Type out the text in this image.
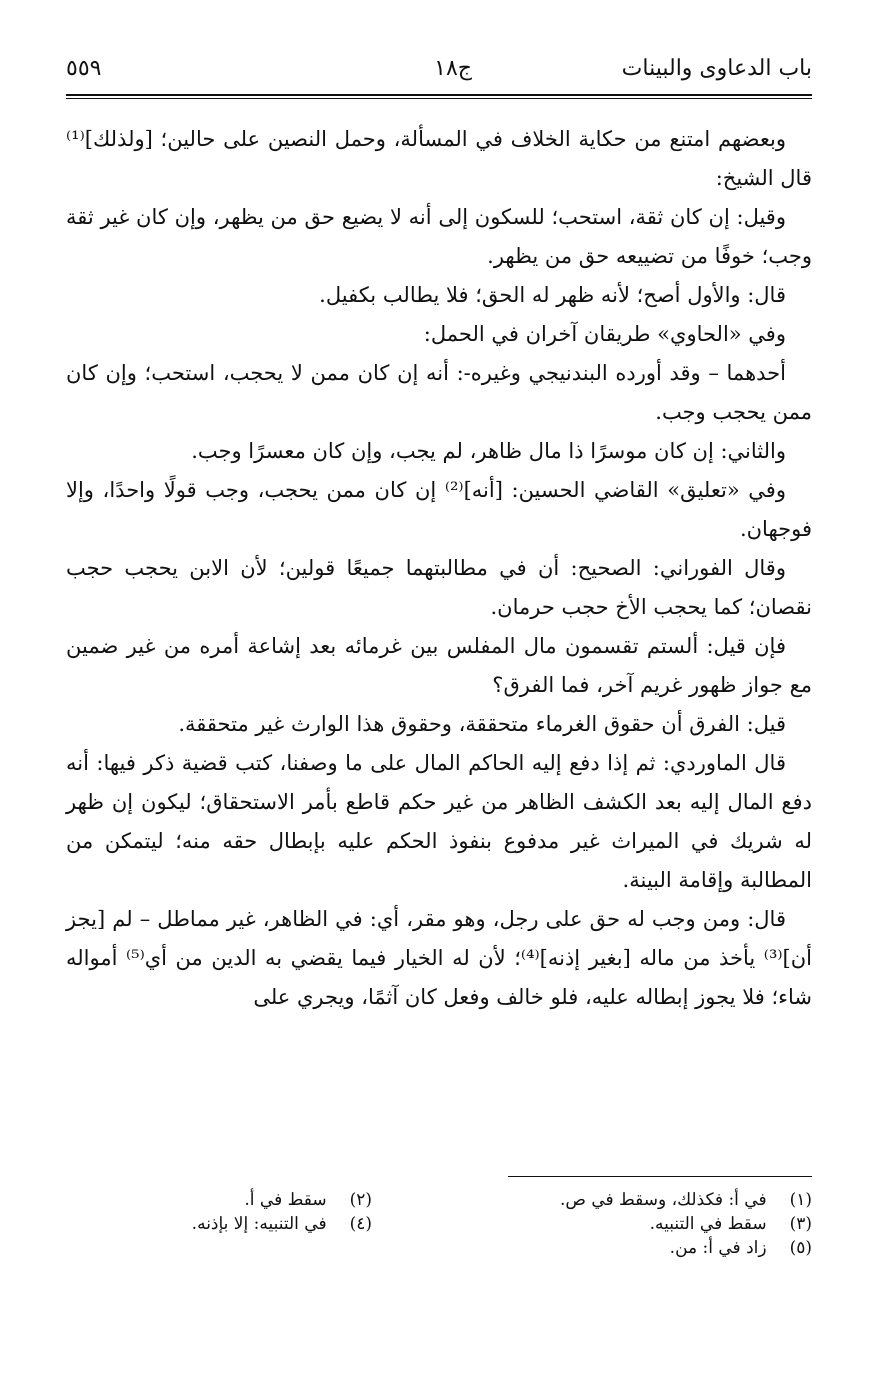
باب الدعاوى والبينات
ج١٨
٥٥٩

وبعضهم امتنع من حكاية الخلاف في المسألة، وحمل النصين على حالين؛ [ولذلك]⁽¹⁾ قال الشيخ:

وقيل: إن كان ثقة، استحب؛ للسكون إلى أنه لا يضيع حق من يظهر، وإن كان غير ثقة وجب؛ خوفًا من تضييعه حق من يظهر.

قال: والأول أصح؛ لأنه ظهر له الحق؛ فلا يطالب بكفيل.

وفي «الحاوي» طريقان آخران في الحمل:

أحدهما – وقد أورده البندنيجي وغيره-: أنه إن كان ممن لا يحجب، استحب؛ وإن كان ممن يحجب وجب.

والثاني: إن كان موسرًا ذا مال ظاهر، لم يجب، وإن كان معسرًا وجب.

وفي «تعليق» القاضي الحسين: [أنه]⁽²⁾ إن كان ممن يحجب، وجب قولًا واحدًا، وإلا فوجهان.

وقال الفوراني: الصحيح: أن في مطالبتهما جميعًا قولين؛ لأن الابن يحجب حجب نقصان؛ كما يحجب الأخ حجب حرمان.

فإن قيل: ألستم تقسمون مال المفلس بين غرمائه بعد إشاعة أمره من غير ضمين مع جواز ظهور غريم آخر، فما الفرق؟

قيل: الفرق أن حقوق الغرماء متحققة، وحقوق هذا الوارث غير متحققة.

قال الماوردي: ثم إذا دفع إليه الحاكم المال على ما وصفنا، كتب قضية ذكر فيها: أنه دفع المال إليه بعد الكشف الظاهر من غير حكم قاطع بأمر الاستحقاق؛ ليكون إن ظهر له شريك في الميراث غير مدفوع بنفوذ الحكم عليه بإبطال حقه منه؛ ليتمكن من المطالبة وإقامة البينة.

قال: ومن وجب له حق على رجل، وهو مقر، أي: في الظاهر، غير مماطل – لم [يجز أن]⁽³⁾ يأخذ من ماله [بغير إذنه]⁽⁴⁾؛ لأن له الخيار فيما يقضي به الدين من أي⁽⁵⁾ أمواله شاء؛ فلا يجوز إبطاله عليه، فلو خالف وفعل كان آثمًا، ويجري على

(١) في أ: فكذلك، وسقط في ص.
(٢) سقط في أ.
(٣) سقط في التنبيه.
(٤) في التنبيه: إلا بإذنه.
(٥) زاد في أ: من.
